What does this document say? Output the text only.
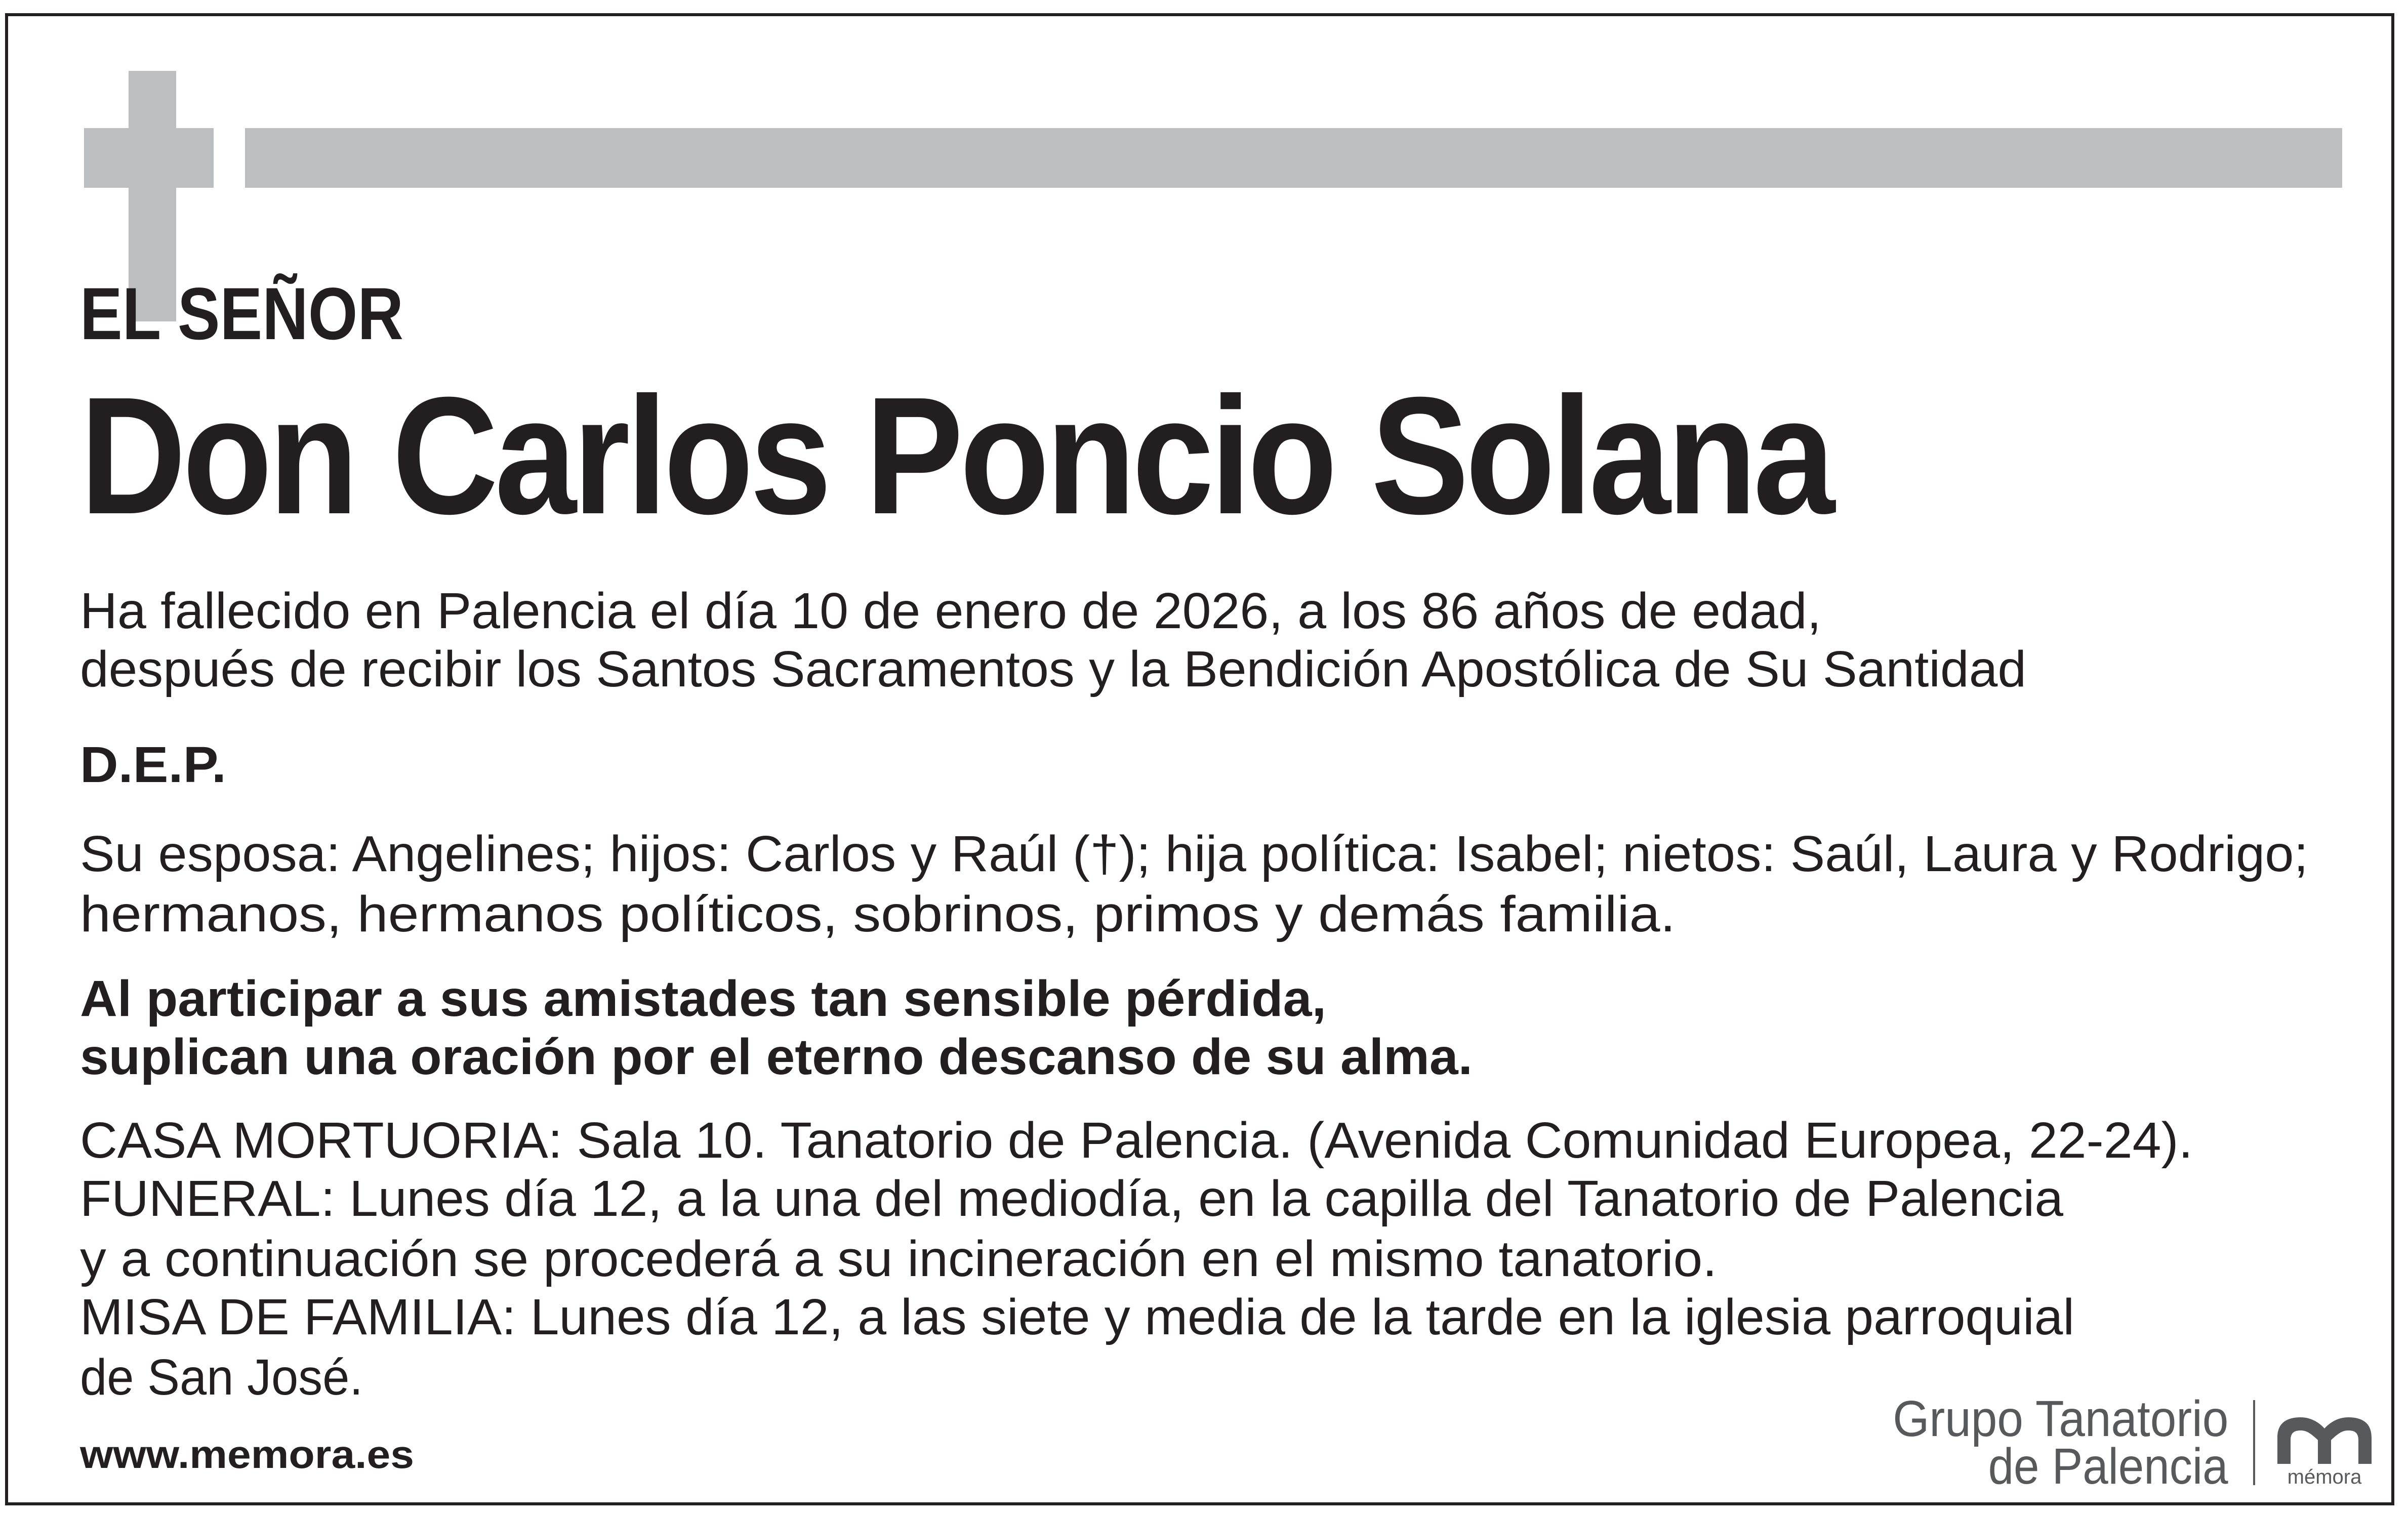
EL SEÑOR
Don Carlos Poncio Solana
Ha fallecido en Palencia el día 10 de enero de 2026, a los 86 años de edad,
después de recibir los Santos Sacramentos y la Bendición Apostólica de Su Santidad
D.E.P.
Su esposa: Angelines; hijos: Carlos y Raúl (†); hija política: Isabel; nietos: Saúl, Laura y Rodrigo;
hermanos, hermanos políticos, sobrinos, primos y demás familia.
Al participar a sus amistades tan sensible pérdida,
suplican una oración por el eterno descanso de su alma.
CASA MORTUORIA: Sala 10. Tanatorio de Palencia. (Avenida Comunidad Europea, 22-24).
FUNERAL: Lunes día 12, a la una del mediodía, en la capilla del Tanatorio de Palencia
y a continuación se procederá a su incineración en el mismo tanatorio.
MISA DE FAMILIA: Lunes día 12, a las siete y media de la tarde en la iglesia parroquial
de San José.
www.memora.es
Grupo Tanatorio
de Palencia	mémora
